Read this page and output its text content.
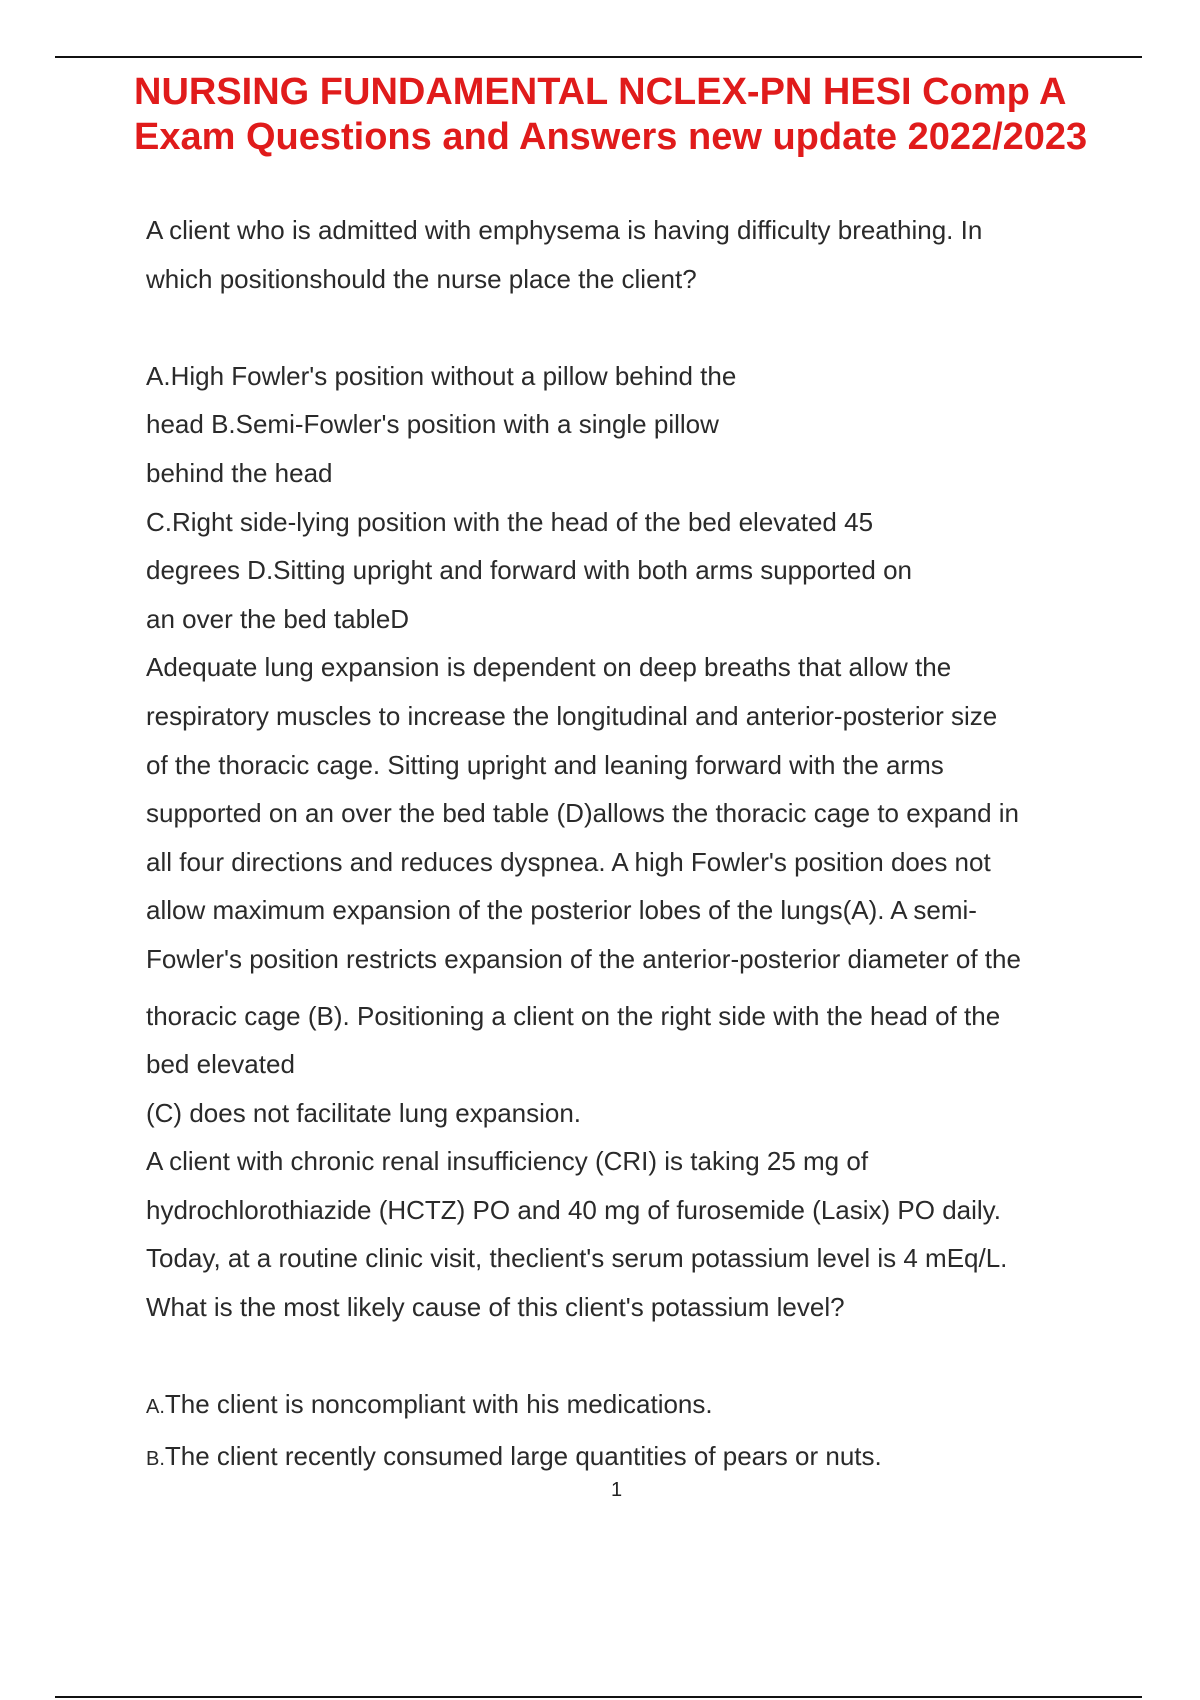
NURSING FUNDAMENTAL NCLEX-PN HESI Comp A Exam Questions and Answers new update 2022/2023
A client who is admitted with emphysema is having difficulty breathing. In
which positionshould the nurse place the client?
A.High Fowler's position without a pillow behind the
head B.Semi-Fowler's position with a single pillow
behind the head
C.Right side-lying position with the head of the bed elevated 45
degrees D.Sitting upright and forward with both arms supported on
an over the bed tableD
Adequate lung expansion is dependent on deep breaths that allow the
respiratory muscles to increase the longitudinal and anterior-posterior size
of the thoracic cage. Sitting upright and leaning forward with the arms
supported on an over the bed table (D)allows the thoracic cage to expand in
all four directions and reduces dyspnea. A high Fowler's position does not
allow maximum expansion of the posterior lobes of the lungs(A). A semi-
Fowler's position restricts expansion of the anterior-posterior diameter of the
thoracic cage (B). Positioning a client on the right side with the head of the
bed elevated
(C) does not facilitate lung expansion.
A client with chronic renal insufficiency (CRI) is taking 25 mg of
hydrochlorothiazide (HCTZ) PO and 40 mg of furosemide (Lasix) PO daily.
Today, at a routine clinic visit, theclient's serum potassium level is 4 mEq/L.
What is the most likely cause of this client's potassium level?
A.The client is noncompliant with his medications.
B.The client recently consumed large quantities of pears or nuts.
1
